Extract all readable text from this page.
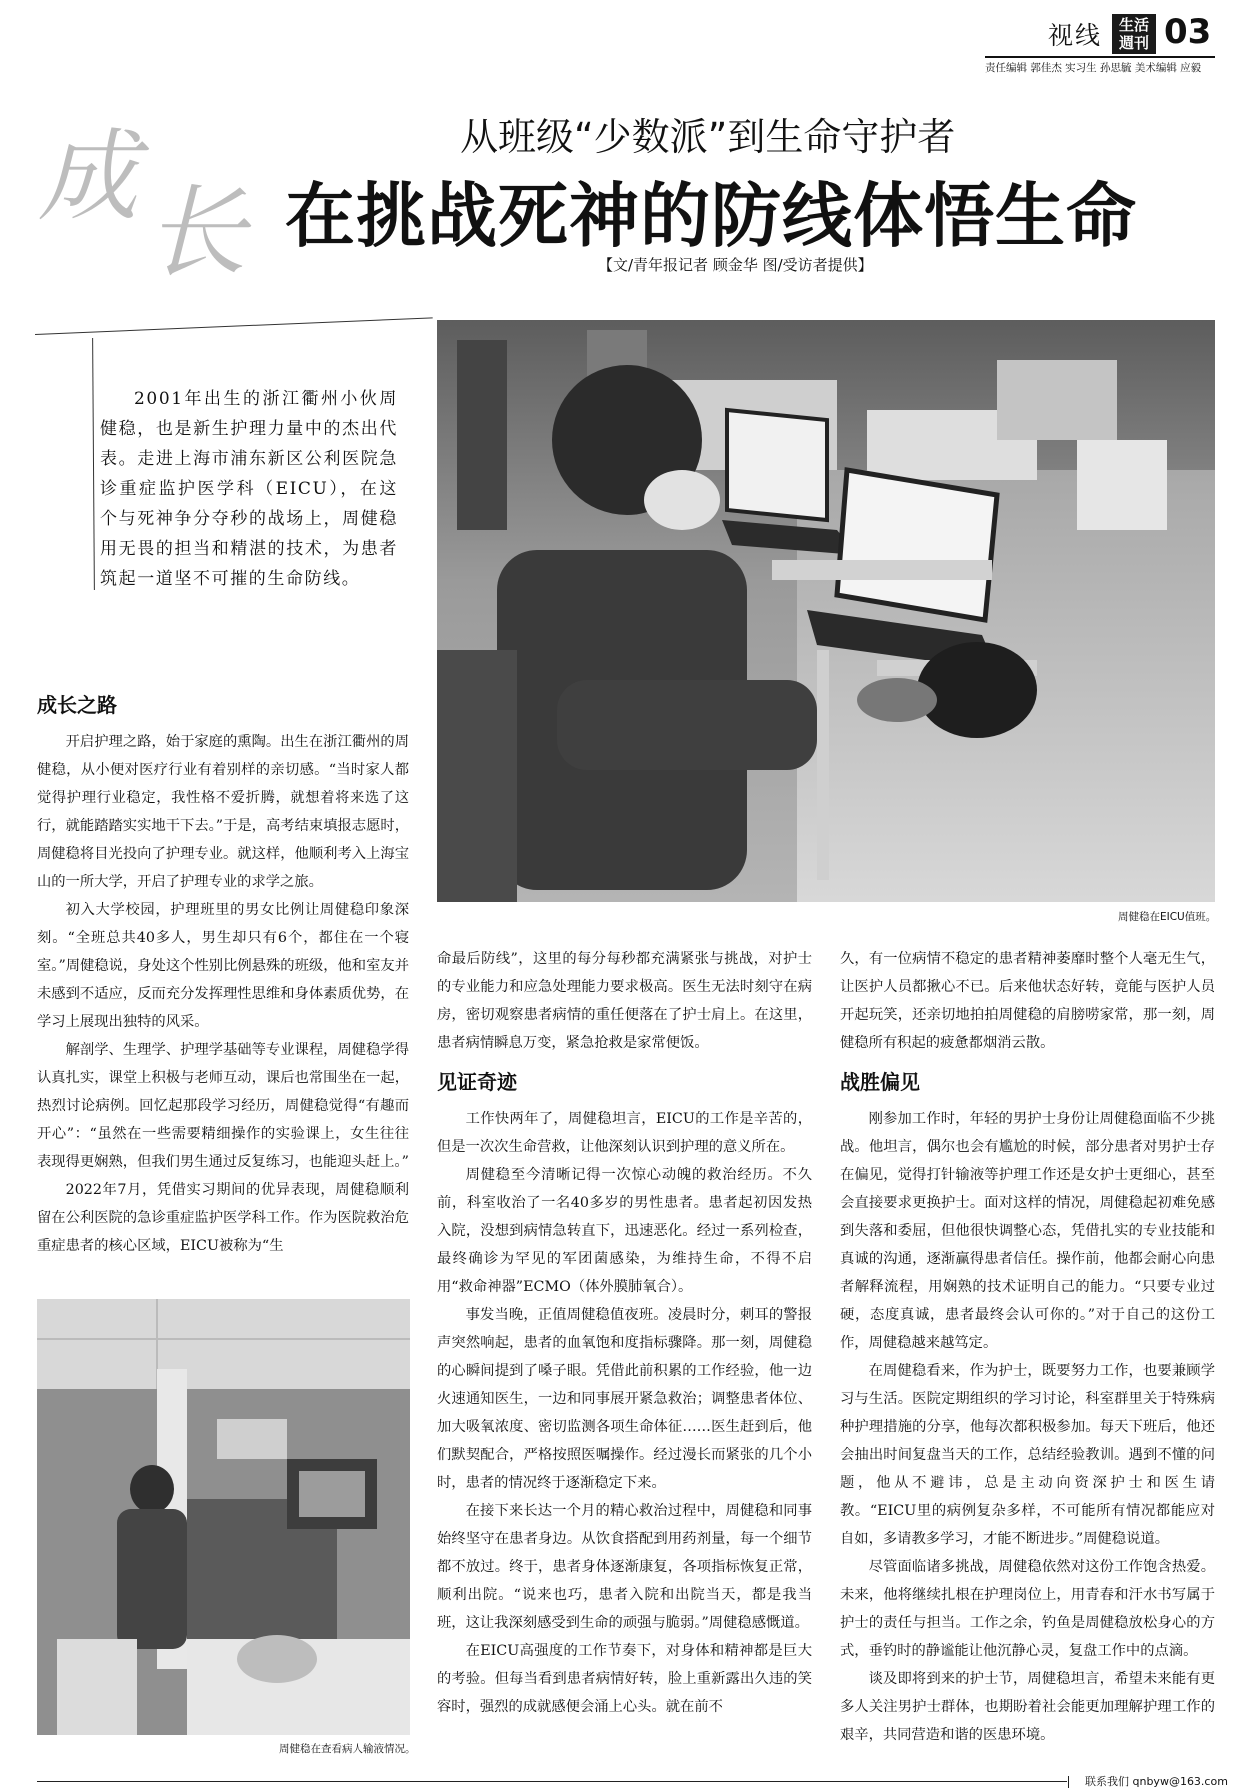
视线	生活
週刊 03
责任编辑 郭佳杰 实习生 孙思毓 美术编辑 应毅
成 长
从班级“少数派”到生命守护者
在挑战死神的防线体悟生命
【文/青年报记者 顾金华 图/受访者提供】
2001年出生的浙江衢州小伙周健稳，也是新生护理力量中的杰出代表。走进上海市浦东新区公利医院急诊重症监护医学科（EICU），在这个与死神争分夺秒的战场上，周健稳用无畏的担当和精湛的技术，为患者筑起一道坚不可摧的生命防线。
周健稳在EICU值班。
周健稳在查看病人输液情况。
成长之路

开启护理之路，始于家庭的熏陶。出生在浙江衢州的周健稳，从小便对医疗行业有着别样的亲切感。“当时家人都觉得护理行业稳定，我性格不爱折腾，就想着将来选了这行，就能踏踏实实地干下去。”于是，高考结束填报志愿时，周健稳将目光投向了护理专业。就这样，他顺利考入上海宝山的一所大学，开启了护理专业的求学之旅。

初入大学校园，护理班里的男女比例让周健稳印象深刻。“全班总共40多人，男生却只有6个，都住在一个寝室。”周健稳说，身处这个性别比例悬殊的班级，他和室友并未感到不适应，反而充分发挥理性思维和身体素质优势，在学习上展现出独特的风采。

解剖学、生理学、护理学基础等专业课程，周健稳学得认真扎实，课堂上积极与老师互动，课后也常围坐在一起，热烈讨论病例。回忆起那段学习经历，周健稳觉得“有趣而开心”：“虽然在一些需要精细操作的实验课上，女生往往表现得更娴熟，但我们男生通过反复练习，也能迎头赶上。”

2022年7月，凭借实习期间的优异表现，周健稳顺利留在公利医院的急诊重症监护医学科工作。作为医院救治危重症患者的核心区域，EICU被称为“生

命最后防线”，这里的每分每秒都充满紧张与挑战，对护士的专业能力和应急处理能力要求极高。医生无法时刻守在病房，密切观察患者病情的重任便落在了护士肩上。在这里，患者病情瞬息万变，紧急抢救是家常便饭。

见证奇迹

工作快两年了，周健稳坦言，EICU的工作是辛苦的，但是一次次生命营救，让他深刻认识到护理的意义所在。

周健稳至今清晰记得一次惊心动魄的救治经历。不久前，科室收治了一名40多岁的男性患者。患者起初因发热入院，没想到病情急转直下，迅速恶化。经过一系列检查，最终确诊为罕见的军团菌感染，为维持生命，不得不启用“救命神器”ECMO（体外膜肺氧合）。

事发当晚，正值周健稳值夜班。凌晨时分，刺耳的警报声突然响起，患者的血氧饱和度指标骤降。那一刻，周健稳的心瞬间提到了嗓子眼。凭借此前积累的工作经验，他一边火速通知医生，一边和同事展开紧急救治；调整患者体位、加大吸氧浓度、密切监测各项生命体征……医生赶到后，他们默契配合，严格按照医嘱操作。经过漫长而紧张的几个小时，患者的情况终于逐渐稳定下来。

在接下来长达一个月的精心救治过程中，周健稳和同事始终坚守在患者身边。从饮食搭配到用药剂量，每一个细节都不放过。终于，患者身体逐渐康复，各项指标恢复正常，顺利出院。“说来也巧，患者入院和出院当天，都是我当班，这让我深刻感受到生命的顽强与脆弱。”周健稳感慨道。

在EICU高强度的工作节奏下，对身体和精神都是巨大的考验。但每当看到患者病情好转，脸上重新露出久违的笑容时，强烈的成就感便会涌上心头。就在前不

久，有一位病情不稳定的患者精神萎靡时整个人毫无生气，让医护人员都揪心不已。后来他状态好转，竟能与医护人员开起玩笑，还亲切地拍拍周健稳的肩膀唠家常，那一刻，周健稳所有积起的疲惫都烟消云散。

战胜偏见

刚参加工作时，年轻的男护士身份让周健稳面临不少挑战。他坦言，偶尔也会有尴尬的时候，部分患者对男护士存在偏见，觉得打针输液等护理工作还是女护士更细心，甚至会直接要求更换护士。面对这样的情况，周健稳起初难免感到失落和委屈，但他很快调整心态，凭借扎实的专业技能和真诚的沟通，逐渐赢得患者信任。操作前，他都会耐心向患者解释流程，用娴熟的技术证明自己的能力。“只要专业过硬，态度真诚，患者最终会认可你的。”对于自己的这份工作，周健稳越来越笃定。

在周健稳看来，作为护士，既要努力工作，也要兼顾学习与生活。医院定期组织的学习讨论，科室群里关于特殊病种护理措施的分享，他每次都积极参加。每天下班后，他还会抽出时间复盘当天的工作，总结经验教训。遇到不懂的问题，他从不避讳，总是主动向资深护士和医生请教。“EICU里的病例复杂多样，不可能所有情况都能应对自如，多请教多学习，才能不断进步。”周健稳说道。

尽管面临诸多挑战，周健稳依然对这份工作饱含热爱。未来，他将继续扎根在护理岗位上，用青春和汗水书写属于护士的责任与担当。工作之余，钓鱼是周健稳放松身心的方式，垂钓时的静谧能让他沉静心灵，复盘工作中的点滴。

谈及即将到来的护士节，周健稳坦言，希望未来能有更多人关注男护士群体，也期盼着社会能更加理解护理工作的艰辛，共同营造和谐的医患环境。

联系我们 qnbyw@163.com
